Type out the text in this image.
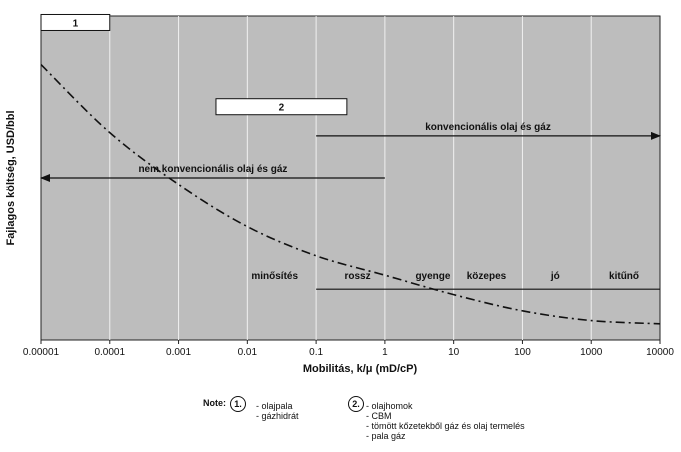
0.00001	0.0001	0.001	0.01	0.1	1	10	100	1000	10000
Mobilitás, k/μ (mD/cP)
Fajlagos költség, USD/bbl
1
2
konvencionális olaj és gáz
nem konvencionális olaj és gáz
minősítés	rossz	gyenge közepes	jó	kitűnő
Note: 1.	- olajpala
- gázhidrát
2. - olajhomok
- CBM
- tömött kőzetekből gáz és olaj termelés
- pala gáz
